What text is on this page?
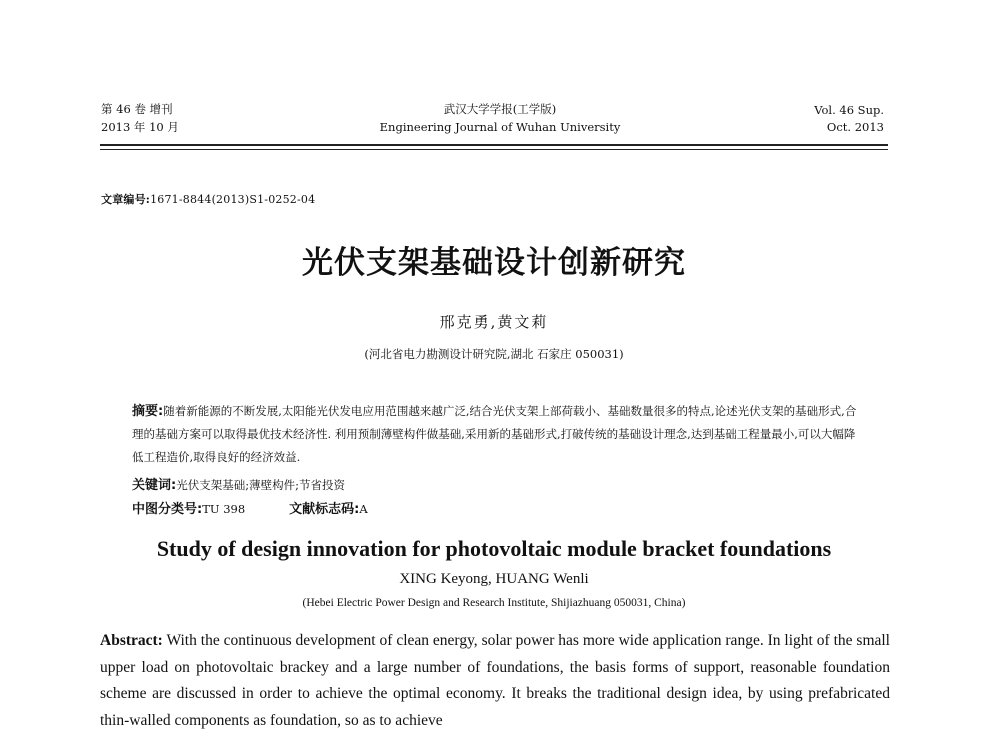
第 46 卷 增刊
2013 年 10 月
武汉大学学报(工学版)
Engineering Journal of Wuhan University
Vol. 46 Sup.
Oct. 2013
文章编号:1671-8844(2013)S1-0252-04
光伏支架基础设计创新研究
邢克勇,黄文莉
(河北省电力勘测设计研究院,湖北 石家庄 050031)
摘要:随着新能源的不断发展,太阳能光伏发电应用范围越来越广泛,结合光伏支架上部荷载小、基础数量很多的特点,论述光伏支架的基础形式,合理的基础方案可以取得最优技术经济性. 利用预制薄壁构件做基础,采用新的基础形式,打破传统的基础设计理念,达到基础工程量最小,可以大幅降低工程造价,取得良好的经济效益.
关键词:光伏支架基础;薄壁构件;节省投资
中图分类号:TU 398	文献标志码:A
Study of design innovation for photovoltaic module bracket foundations
XING Keyong, HUANG Wenli
(Hebei Electric Power Design and Research Institute, Shijiazhuang 050031, China)
Abstract: With the continuous development of clean energy, solar power has more wide application range. In light of the small upper load on photovoltaic brackey and a large number of foundations, the basis forms of support, reasonable foundation scheme are discussed in order to achieve the optimal economy. It breaks the traditional design idea, by using prefabricated thin-walled components as foundation, so as to achieve
